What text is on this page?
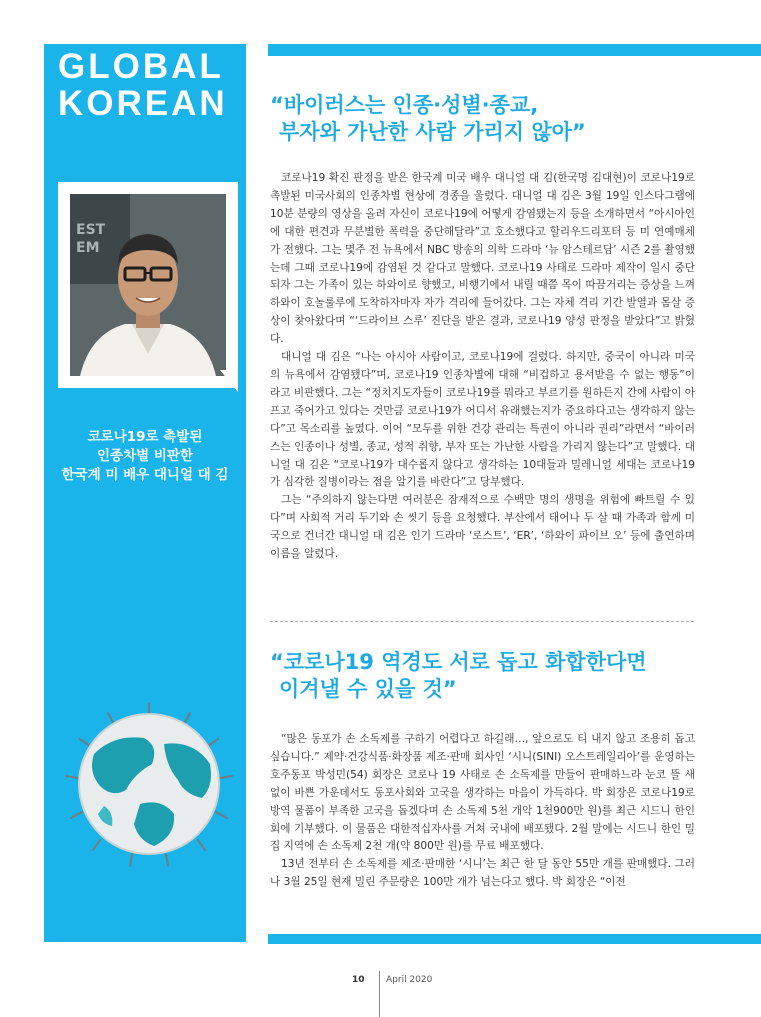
GLOBAL
KOREAN
EST
EM
코로나19로 촉발된
인종차별 비판한
한국계 미 배우 대니얼 대 김
“바이러스는 인종·성별·종교,
부자와 가난한 사람 가리지 않아”

코로나19 확진 판정을 받은 한국계 미국 배우 대니얼 대 김(한국명 김대현)이 코로나19로 촉발된 미국사회의 인종차별 현상에 경종을 울렸다. 대니얼 대 김은 3월 19일 인스타그램에 10분 분량의 영상을 올려 자신이 코로나19에 어떻게 감염됐는지 등을 소개하면서 “아시아인에 대한 편견과 무분별한 폭력을 중단해달라”고 호소했다고 할리우드리포터 등 미 연예매체가 전했다. 그는 몇주 전 뉴욕에서 NBC 방송의 의학 드라마 ‘뉴 암스테르담’ 시즌 2를 촬영했는데 그때 코로나19에 감염된 것 같다고 말했다. 코로나19 사태로 드라마 제작이 일시 중단되자 그는 가족이 있는 하와이로 향했고, 비행기에서 내릴 때쯤 목이 따끔거리는 증상을 느껴 하와이 호놀룰루에 도착하자마자 자가 격리에 들어갔다. 그는 자체 격리 기간 발열과 몸살 증상이 찾아왔다며 “‘드라이브 스루’ 진단을 받은 결과, 코로나19 양성 판정을 받았다”고 밝혔다.

대니얼 대 김은 “나는 아시아 사람이고, 코로나19에 걸렸다. 하지만, 중국이 아니라 미국의 뉴욕에서 감염됐다”며, 코로나19 인종차별에 대해 “비겁하고 용서받을 수 없는 행동”이라고 비판했다. 그는 “정치지도자들이 코로나19를 뭐라고 부르기를 원하든지 간에 사람이 아프고 죽어가고 있다는 것만큼 코로나19가 어디서 유래했는지가 중요하다고는 생각하지 않는다”고 목소리를 높였다. 이어 “모두를 위한 건강 관리는 특권이 아니라 권리”라면서 “바이러스는 인종이나 성별, 종교, 성적 취향, 부자 또는 가난한 사람을 가리지 않는다”고 말했다. 대니얼 대 김은 “코로나19가 대수롭지 않다고 생각하는 10대들과 밀레니얼 세대는 코로나19가 심각한 질병이라는 점을 알기를 바란다”고 당부했다.

그는 “주의하지 않는다면 여러분은 잠재적으로 수백만 명의 생명을 위험에 빠트릴 수 있다”며 사회적 거리 두기와 손 씻기 등을 요청했다. 부산에서 태어나 두 살 때 가족과 함께 미국으로 건너간 대니얼 대 김은 인기 드라마 ‘로스트’, ‘ER’, ‘하와이 파이브 오’ 등에 출연하며 이름을 알렸다.

“코로나19 역경도 서로 돕고 화합한다면
이겨낼 수 있을 것”

“많은 동포가 손 소독제를 구하기 어렵다고 하길래…, 앞으로도 티 내지 않고 조용히 돕고 싶습니다.” 제약·건강식품·화장품 제조·판매 회사인 ‘시니(SINI) 오스트레일리아’를 운영하는 호주동포 박성민(54) 회장은 코로나 19 사태로 손 소독제를 만들어 판매하느라 눈코 뜰 새 없이 바쁜 가운데서도 동포사회와 고국을 생각하는 마음이 가득하다. 박 회장은 코로나19로 방역 물품이 부족한 고국을 돕겠다며 손 소독제 5천 개악 1천900만 원)를 최근 시드니 한인회에 기부했다. 이 물품은 대한적십자사를 거쳐 국내에 배포됐다. 2월 말에는 시드니 한인 밀집 지역에 손 소독제 2천 개(약 800만 원)를 무료 배포했다.

13년 전부터 손 소독제를 제조·판매한 ‘시니’는 최근 한 달 동안 55만 개를 판매했다. 그러나 3월 25일 현재 밀린 주문량은 100만 개가 넘는다고 했다. 박 회장은 “이전

10 April 2020
